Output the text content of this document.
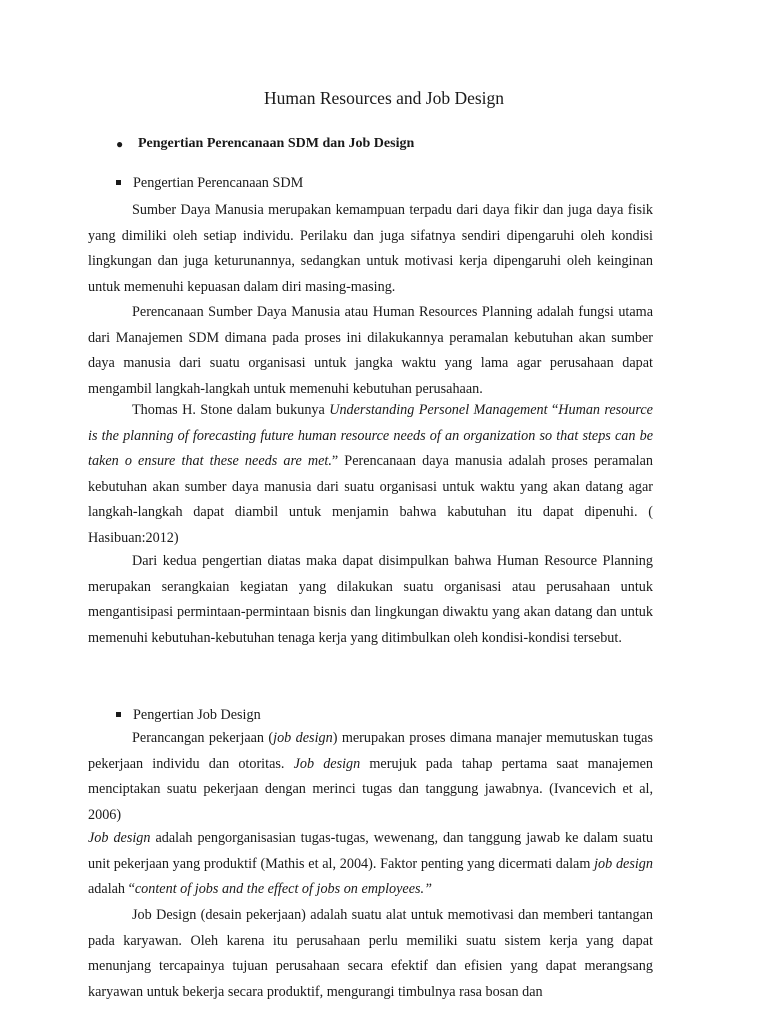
Human Resources and Job Design
● Pengertian Perencanaan SDM dan Job Design
Pengertian Perencanaan SDM

Sumber Daya Manusia merupakan kemampuan terpadu dari daya fikir dan juga daya fisik yang dimiliki oleh setiap individu. Perilaku dan juga sifatnya sendiri dipengaruhi oleh kondisi lingkungan dan juga keturunannya, sedangkan untuk motivasi kerja dipengaruhi oleh keinginan untuk memenuhi kepuasan dalam diri masing-masing.

Perencanaan Sumber Daya Manusia atau Human Resources Planning adalah fungsi utama dari Manajemen SDM dimana pada proses ini dilakukannya peramalan kebutuhan akan sumber daya manusia dari suatu organisasi untuk jangka waktu yang lama agar perusahaan dapat mengambil langkah-langkah untuk memenuhi kebutuhan perusahaan.

Thomas H. Stone dalam bukunya Understanding Personel Management “Human resource is the planning of forecasting future human resource needs of an organization so that steps can be taken o ensure that these needs are met.” Perencanaan daya manusia adalah proses peramalan kebutuhan akan sumber daya manusia dari suatu organisasi untuk waktu yang akan datang agar langkah-langkah dapat diambil untuk menjamin bahwa kabutuhan itu dapat dipenuhi. ( Hasibuan:2012)

Dari kedua pengertian diatas maka dapat disimpulkan bahwa Human Resource Planning merupakan serangkaian kegiatan yang dilakukan suatu organisasi atau perusahaan untuk mengantisipasi permintaan-permintaan bisnis dan lingkungan diwaktu yang akan datang dan untuk memenuhi kebutuhan-kebutuhan tenaga kerja yang ditimbulkan oleh kondisi-kondisi tersebut.

Pengertian Job Design

Perancangan pekerjaan (job design) merupakan proses dimana manajer memutuskan tugas pekerjaan individu dan otoritas. Job design merujuk pada tahap pertama saat manajemen menciptakan suatu pekerjaan dengan merinci tugas dan tanggung jawabnya. (Ivancevich et al, 2006)

Job design adalah pengorganisasian tugas-tugas, wewenang, dan tanggung jawab ke dalam suatu unit pekerjaan yang produktif (Mathis et al, 2004). Faktor penting yang dicermati dalam job design adalah “content of jobs and the effect of jobs on employees.”

Job Design (desain pekerjaan) adalah suatu alat untuk memotivasi dan memberi tantangan pada karyawan. Oleh karena itu perusahaan perlu memiliki suatu sistem kerja yang dapat menunjang tercapainya tujuan perusahaan secara efektif dan efisien yang dapat merangsang karyawan untuk bekerja secara produktif, mengurangi timbulnya rasa bosan dan
